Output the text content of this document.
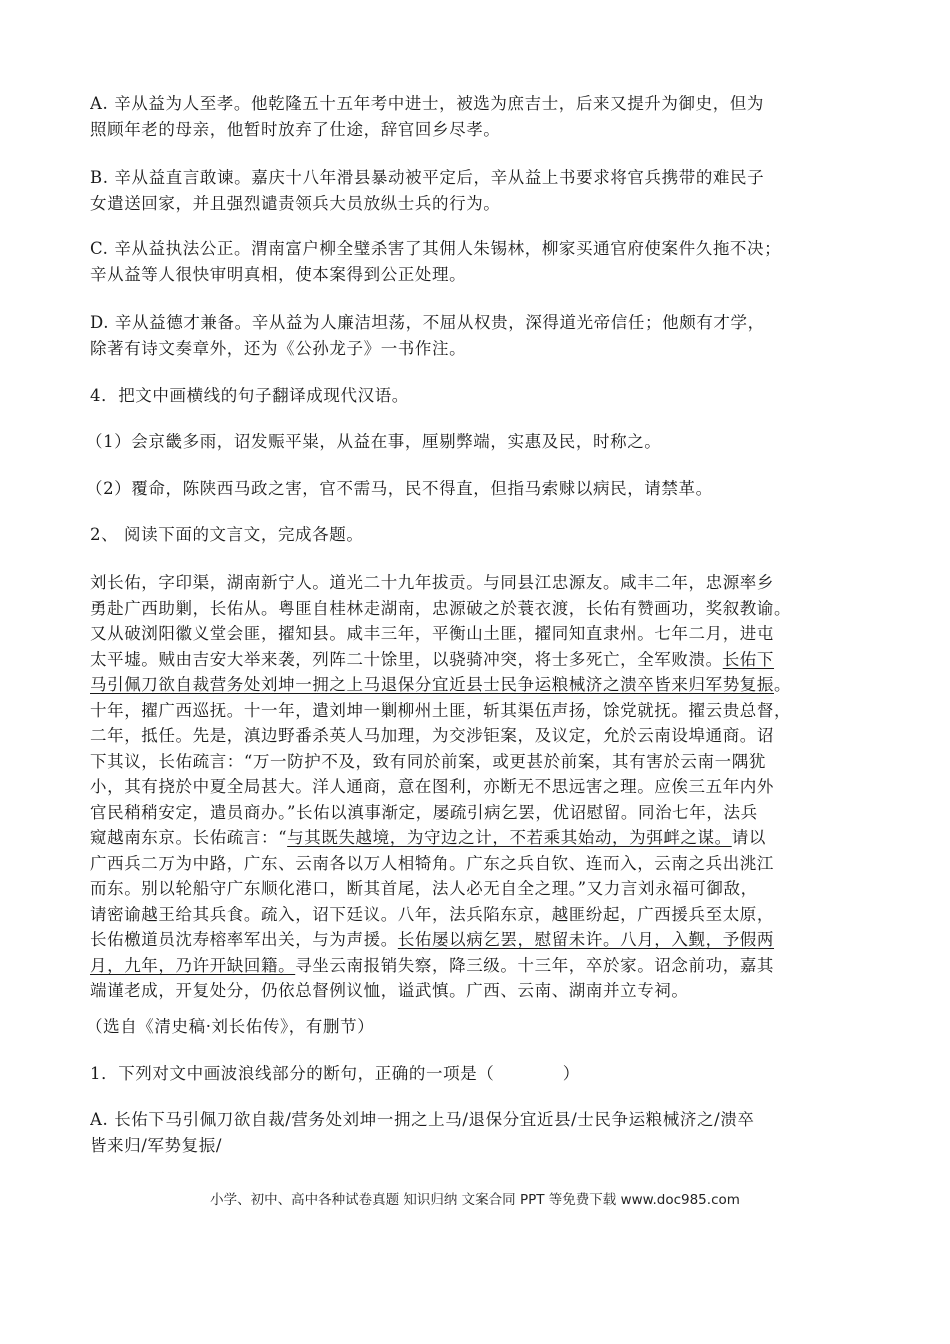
A. 辛从益为人至孝。他乾隆五十五年考中进士，被选为庶吉士，后来又提升为御史，但为
照顾年老的母亲，他暂时放弃了仕途，辞官回乡尽孝。

B. 辛从益直言敢谏。嘉庆十八年滑县暴动被平定后，辛从益上书要求将官兵携带的难民子
女遣送回家，并且强烈谴责领兵大员放纵士兵的行为。

C. 辛从益执法公正。渭南富户柳全璧杀害了其佣人朱锡林，柳家买通官府使案件久拖不决；
辛从益等人很快审明真相，使本案得到公正处理。

D. 辛从益德才兼备。辛从益为人廉洁坦荡，不屈从权贵，深得道光帝信任；他颇有才学，
除著有诗文奏章外，还为《公孙龙子》一书作注。

4．把文中画横线的句子翻译成现代汉语。

（1）会京畿多雨，诏发赈平粜，从益在事，厘剔弊端，实惠及民，时称之。

（2）覆命，陈陕西马政之害，官不需马，民不得直，但指马索赇以病民，请禁革。

2、 阅读下面的文言文，完成各题。

刘长佑，字印渠，湖南新宁人。道光二十九年拔贡。与同县江忠源友。咸丰二年，忠源率乡
勇赴广西助剿，长佑从。粤匪自桂林走湖南，忠源破之於蓑衣渡，长佑有赞画功，奖叙教谕。
又从破浏阳徽义堂会匪，擢知县。咸丰三年，平衡山土匪，擢同知直隶州。七年二月，进屯
太平墟。贼由吉安大举来袭，列阵二十馀里，以骁骑冲突，将士多死亡，全军败溃。长佑下
马引佩刀欲自裁营务处刘坤一拥之上马退保分宜近县士民争运粮械济之溃卒皆来归军势复振。
十年，擢广西巡抚。十一年，遣刘坤一剿柳州土匪，斩其渠伍声扬，馀党就抚。擢云贵总督，
二年，抵任。先是，滇边野番杀英人马加理，为交涉钜案，及议定，允於云南设埠通商。诏
下其议，长佑疏言：“万一防护不及，致有同於前案，或更甚於前案，其有害於云南一隅犹
小，其有挠於中夏全局甚大。洋人通商，意在图利，亦断无不思远害之理。应俟三五年内外
官民稍稍安定，遣员商办。”长佑以滇事渐定，屡疏引病乞罢，优诏慰留。同治七年，法兵
窥越南东京。长佑疏言：“与其既失越境，为守边之计，不若乘其始动，为弭衅之谋。请以
广西兵二万为中路，广东、云南各以万人相犄角。广东之兵自钦、连而入，云南之兵出洮江
而东。别以轮船守广东顺化港口，断其首尾，法人必无自全之理。”又力言刘永福可御敌，
请密谕越王给其兵食。疏入，诏下廷议。八年，法兵陷东京，越匪纷起，广西援兵至太原，
长佑檄道员沈寿榕率军出关，与为声援。长佑屡以病乞罢，慰留未许。八月，入觐，予假两
月，九年，乃许开缺回籍。寻坐云南报销失察，降三级。十三年，卒於家。诏念前功，嘉其
端谨老成，开复处分，仍依总督例议恤，谥武慎。广西、云南、湖南并立专祠。

（选自《清史稿·刘长佑传》，有删节）

1．下列对文中画波浪线部分的断句，正确的一项是（　　　　）

A. 长佑下马引佩刀欲自裁/营务处刘坤一拥之上马/退保分宜近县/士民争运粮械济之/溃卒
皆来归/军势复振/

小学、初中、高中各种试卷真题 知识归纳 文案合同 PPT 等免费下载 www.doc985.com
